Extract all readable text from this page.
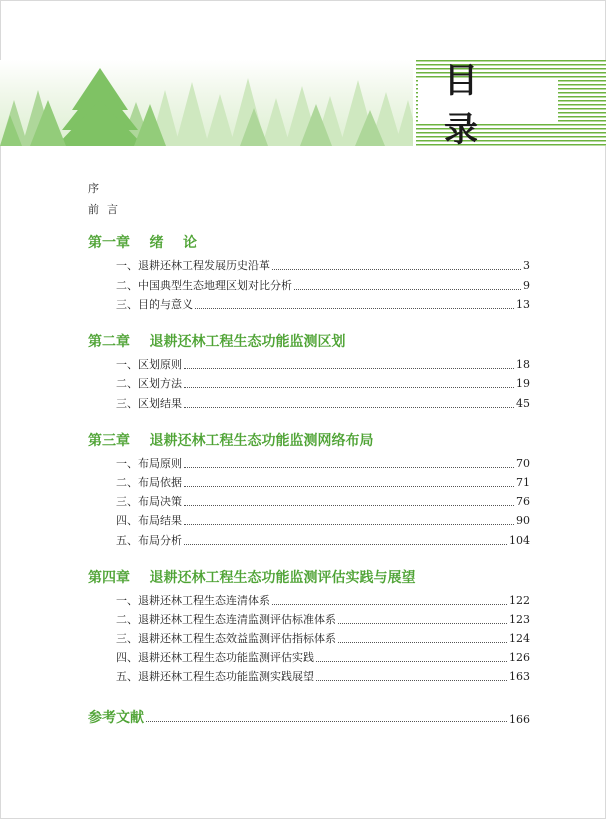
目 录
序
前言
第一章    绪    论
一、退耕还林工程发展历史沿革	3
二、中国典型生态地理区划对比分析	9
三、目的与意义	13
第二章    退耕还林工程生态功能监测区划
一、区划原则	18
二、区划方法	19
三、区划结果	45
第三章    退耕还林工程生态功能监测网络布局
一、布局原则	70
二、布局依据	71
三、布局决策	76
四、布局结果	90
五、布局分析	104
第四章    退耕还林工程生态功能监测评估实践与展望
一、退耕还林工程生态连清体系	122
二、退耕还林工程生态连清监测评估标准体系	123
三、退耕还林工程生态效益监测评估指标体系	124
四、退耕还林工程生态功能监测评估实践	126
五、退耕还林工程生态功能监测实践展望	163
参考文献	166
